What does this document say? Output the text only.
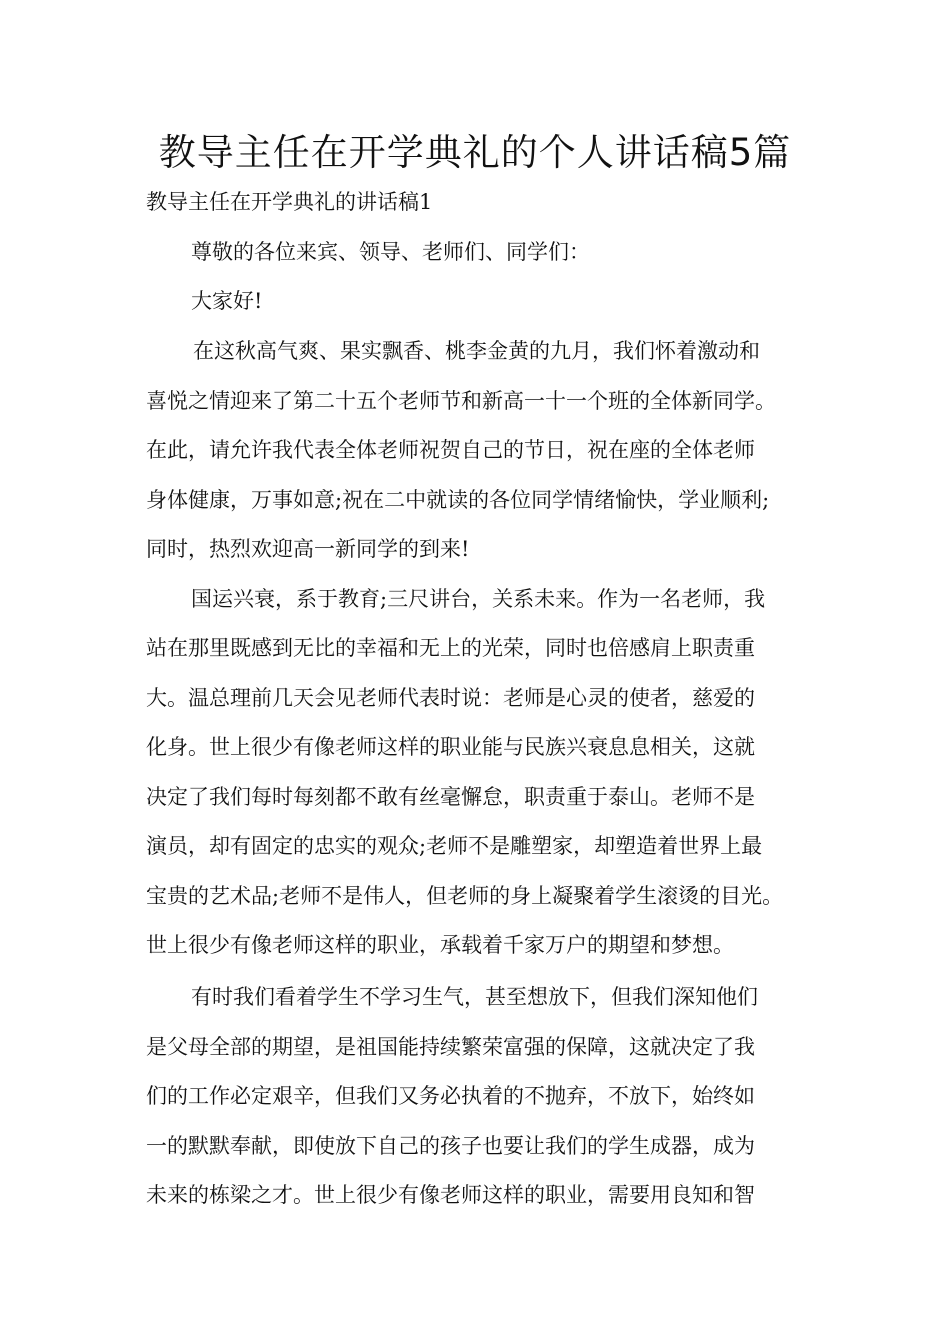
教导主任在开学典礼的个人讲话稿5篇

教导主任在开学典礼的讲话稿1

尊敬的各位来宾、领导、老师们、同学们：

大家好!

在这秋高气爽、果实飘香、桃李金黄的九月，我们怀着激动和

喜悦之情迎来了第二十五个老师节和新高一十一个班的全体新同学。

在此，请允许我代表全体老师祝贺自己的节日，祝在座的全体老师

身体健康，万事如意;祝在二中就读的各位同学情绪愉快，学业顺利;

同时，热烈欢迎高一新同学的到来!

国运兴衰，系于教育;三尺讲台，关系未来。作为一名老师，我

站在那里既感到无比的幸福和无上的光荣，同时也倍感肩上职责重

大。温总理前几天会见老师代表时说：老师是心灵的使者，慈爱的

化身。世上很少有像老师这样的职业能与民族兴衰息息相关，这就

决定了我们每时每刻都不敢有丝毫懈怠，职责重于泰山。老师不是

演员，却有固定的忠实的观众;老师不是雕塑家，却塑造着世界上最

宝贵的艺术品;老师不是伟人，但老师的身上凝聚着学生滚烫的目光。

世上很少有像老师这样的职业，承载着千家万户的期望和梦想。

有时我们看着学生不学习生气，甚至想放下，但我们深知他们

是父母全部的期望，是祖国能持续繁荣富强的保障，这就决定了我

们的工作必定艰辛，但我们又务必执着的不抛弃，不放下，始终如

一的默默奉献，即使放下自己的孩子也要让我们的学生成器，成为

未来的栋梁之才。世上很少有像老师这样的职业，需要用良知和智
